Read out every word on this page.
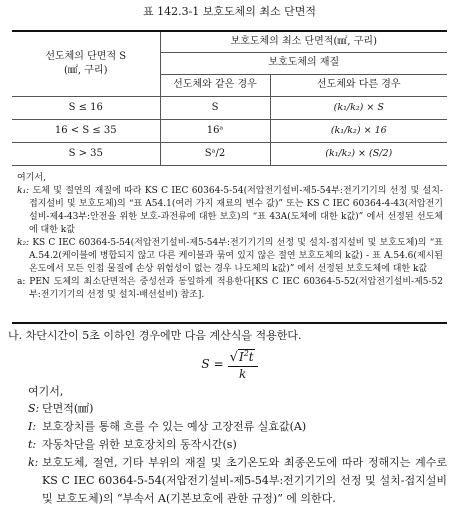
표 142.3-1 보호도체의 최소 단면적
선도체의 단면적 S
(㎟, 구리)	보호도체의 최소 단면적(㎟, 구리)	
	보호도체의 재질	
	선도체와 같은 경우	선도체와 다른 경우
S ≤ 16	S	(k₁/k₂) × S
16 < S ≤ 35	16ᵃ	(k₁/k₂) × 16
S > 35	Sᵃ/2	(k₁/k₂) × (S/2)

여기서,

k₁: 도체 및 절연의 재질에 따라 KS C IEC 60364-5-54(저압전기설비-제5-54부:전기기기의 선정 및 설치-접지설비 및 보호도체)의 “표 A54.1(여러 가지 재료의 변수 값)” 또는 KS C IEC 60364-4-43(저압전기설비-제4-43부:안전을 위한 보호-과전류에 대한 보호)의 “표 43A(도체에 대한 k값)” 에서 선정된 선도체에 대한 k값

k₂: KS C IEC 60364-5-54(저압전기설비-제5-54부:전기기기의 선정 및 설치-접지설비 및 보호도체)의 “표 A.54.2(케이블에 병합되지 않고 다른 케이블과 묶여 있지 않은 절연 보호도체의 k값) - 표 A.54.6(제시된 온도에서 모든 인접 물질에 손상 위험성이 없는 경우 나도체의 k값)” 에서 선정된 보호도체에 대한 k값

a: PEN 도체의 최소단면적은 중성선과 동일하게 적용한다[KS C IEC 60364-5-52(저압전기설비-제5-52부:전기기기의 선정 및 설치-배선설비) 참조].		

나. 차단시간이 5초 이하인 경우에만 다음 계산식을 적용한다.
$S = \frac{√I^2t}{k}$
여기서,
S: 단면적(㎟)
I: 보호장치를 통해 흐를 수 있는 예상 고장전류 실효값(A)
t: 자동차단을 위한 보호장치의 동작시간(s)
k: 보호도체, 절연, 기타 부위의 재질 및 초기온도와 최종온도에 따라 정해지는 계수로 KS C IEC 60364-5-54(저압전기설비-제5-54부:전기기기의 선정 및 설치-접지설비 및 보호도체)의 “부속서 A(기본보호에 관한 규정)” 에 의한다.
